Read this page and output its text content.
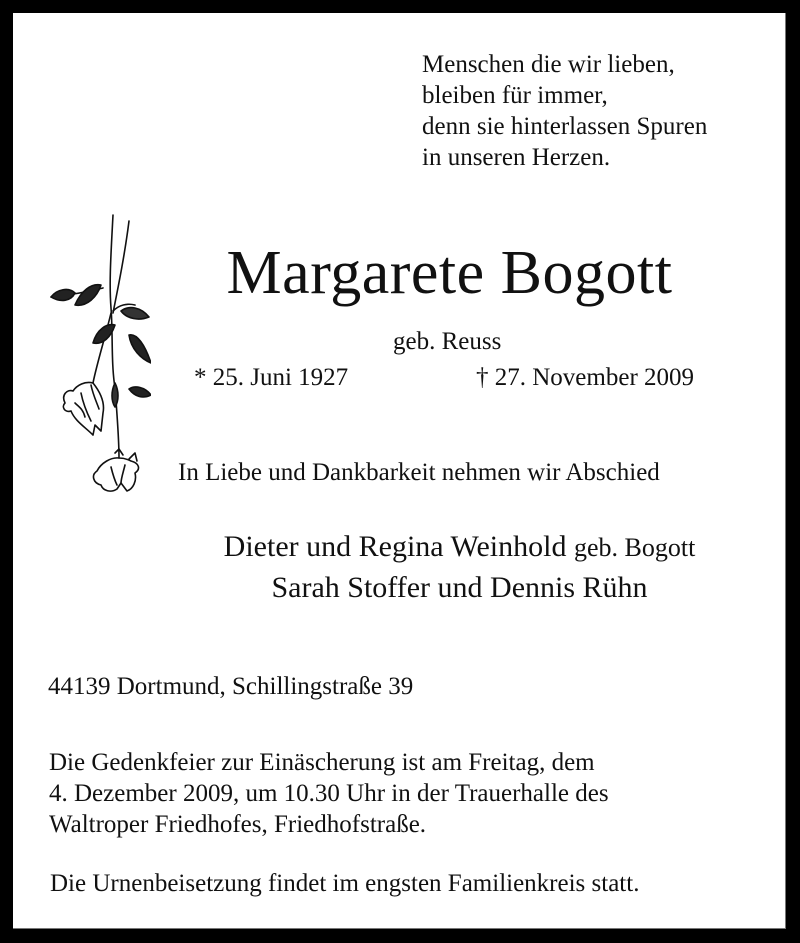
Menschen die wir lieben,
bleiben für immer,
denn sie hinterlassen Spuren
in unseren Herzen.
Margarete Bogott
geb. Reuss
* 25. Juni 1927	† 27. November 2009
In Liebe und Dankbarkeit nehmen wir Abschied
Dieter und Regina Weinhold geb. Bogott
Sarah Stoffer und Dennis Rühn
44139 Dortmund, Schillingstraße 39
Die Gedenkfeier zur Einäscherung ist am Freitag, dem
4. Dezember 2009, um 10.30 Uhr in der Trauerhalle des
Waltroper Friedhofes, Friedhofstraße.
Die Urnenbeisetzung findet im engsten Familienkreis statt.
